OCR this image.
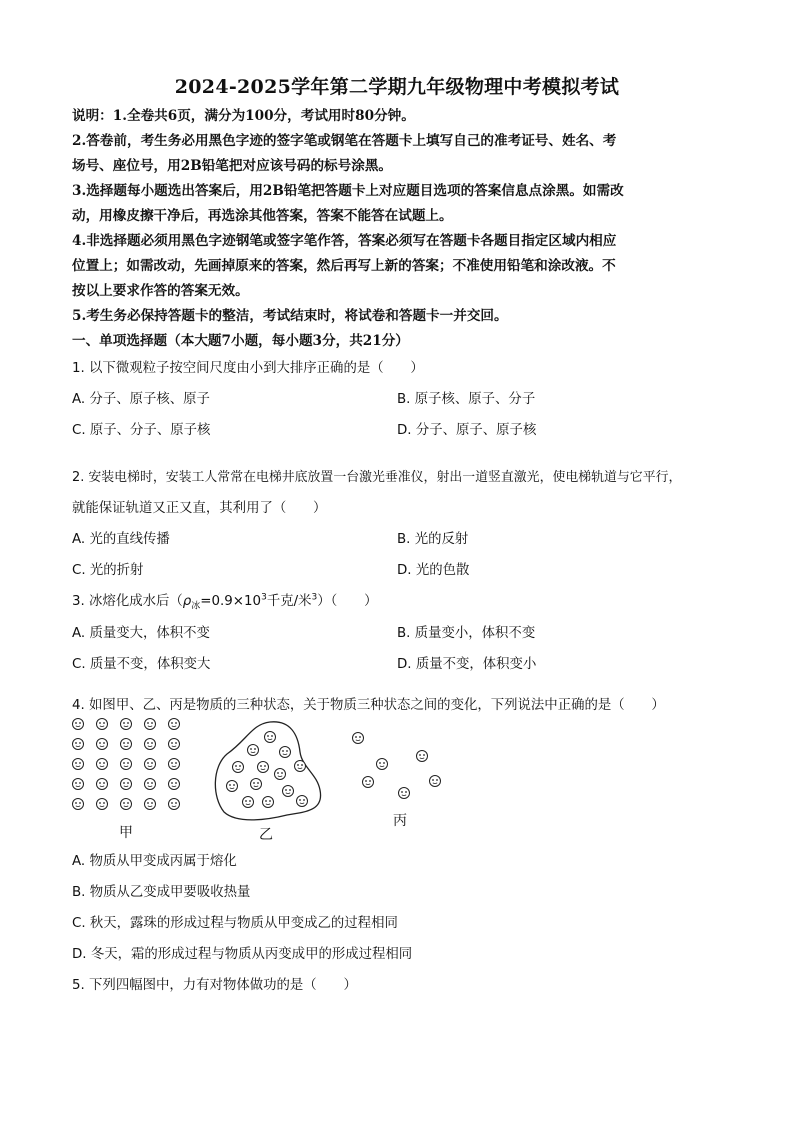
2024-2025学年第二学期九年级物理中考模拟考试
说明：1.全卷共6页，满分为100分，考试用时80分钟。
2.答卷前，考生务必用黑色字迹的签字笔或钢笔在答题卡上填写自己的准考证号、姓名、考
场号、座位号，用2B铅笔把对应该号码的标号涂黑。
3.选择题每小题选出答案后，用2B铅笔把答题卡上对应题目选项的答案信息点涂黑。如需改
动，用橡皮擦干净后，再选涂其他答案，答案不能答在试题上。
4.非选择题必须用黑色字迹钢笔或签字笔作答，答案必须写在答题卡各题目指定区域内相应
位置上；如需改动，先画掉原来的答案，然后再写上新的答案；不准使用铅笔和涂改液。不
按以上要求作答的答案无效。
5.考生务必保持答题卡的整洁，考试结束时，将试卷和答题卡一并交回。
一、单项选择题（本大题7小题，每小题3分，共21分）
1. 以下微观粒子按空间尺度由小到大排序正确的是（　　）
A. 分子、原子核、原子	B. 原子核、原子、分子
C. 原子、分子、原子核	D. 分子、原子、原子核
2. 安装电梯时，安装工人常常在电梯井底放置一台激光垂准仪，射出一道竖直激光，使电梯轨道与它平行，
就能保证轨道又正又直，其利用了（　　）
A. 光的直线传播	B. 光的反射
C. 光的折射	D. 光的色散
3. 冰熔化成水后（$\rho_冰=0.9\times 10^3$千克/米$^3$）（　　）
A. 质量变大，体积不变	B. 质量变小，体积不变
C. 质量不变，体积变大	D. 质量不变，体积变小
4. 如图甲、乙、丙是物质的三种状态，关于物质三种状态之间的变化，下列说法中正确的是（　　）
甲	乙
丙
A. 物质从甲变成丙属于熔化
B. 物质从乙变成甲要吸收热量
C. 秋天，露珠的形成过程与物质从甲变成乙的过程相同
D. 冬天，霜的形成过程与物质从丙变成甲的形成过程相同
5. 下列四幅图中，力有对物体做功的是（　　）
